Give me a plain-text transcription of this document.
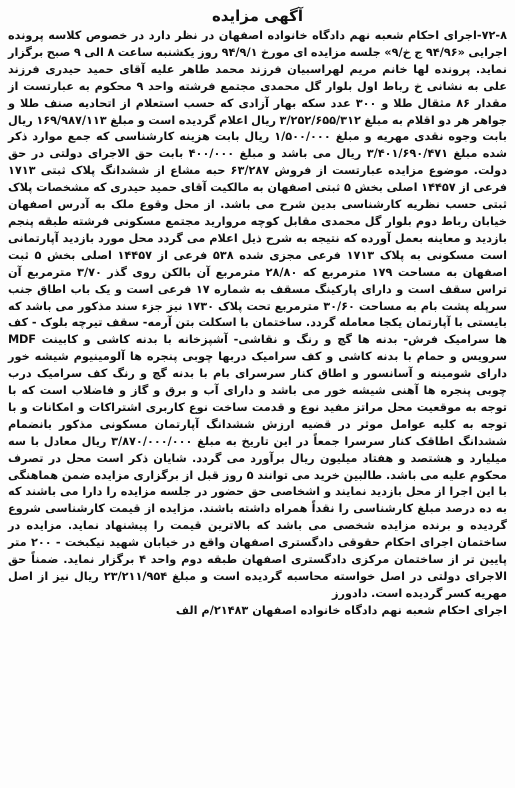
آگهی مزایده

۷۲-۸-اجرای احکام شعبه نهم دادگاه خانواده اصفهان در نظر دارد در خصوص کلاسه پرونده اجرایی «۹۴/۹۶ ج خ/۹» جلسه مزایده ای مورخ ۹۴/۹/۱ روز یکشنبه ساعت ۸ الی ۹ صبح برگزار نماید. پرونده لها خانم مریم لهراسبیان فرزند محمد طاهر علیه آقای حمید حیدری فرزند علی به نشانی خ رباط اول بلوار گل محمدی مجتمع فرشته واحد ۹ محکوم به عبارتست از مقدار ۸۶ مثقال طلا و ۳۰۰ عدد سکه بهار آزادی که حسب استعلام از اتحادیه صنف طلا و جواهر هر دو اقلام به مبلغ ۳/۲۵۲/۶۵۵/۳۱۲ ریال اعلام گردیده است و مبلغ ۱۶۹/۹۸۷/۱۱۳ ریال بابت وجوه نقدی مهریه و مبلغ ۱/۵۰۰/۰۰۰ ریال بابت هزینه کارشناسی که جمع موارد ذکر شده مبلغ ۳/۴۰۱/۶۹۰/۴۷۱ ریال می باشد و مبلغ ۴۰۰/۰۰۰ بابت حق الاجرای دولتی در حق دولت. موضوع مزایده عبارتست از فروش ۶۳/۲۸۷ حبه مشاع از ششدانگ پلاک ثبتی ۱۷۱۳ فرعی از ۱۴۴۵۷ اصلی بخش ۵ ثبتی اصفهان به مالکیت آقای حمید حیدری که مشخصات پلاک ثبتی حسب نظریه کارشناسی بدین شرح می باشد. از محل وقوع ملک به آدرس اصفهان خیابان رباط دوم بلوار گل محمدی مقابل کوچه مروارید مجتمع مسکونی فرشته طبقه پنجم بازدید و معاینه بعمل آورده که نتیجه به شرح ذیل اعلام می گردد محل مورد بازدید آپارتمانی است مسکونی به پلاک ۱۷۱۳ فرعی مجزی شده ۵۳۸ فرعی از ۱۴۴۵۷ اصلی بخش ۵ ثبت اصفهان به مساحت ۱۷۹ مترمربع که ۲۸/۸۰ مترمربع آن بالکن روی گذر ۳/۷۰ مترمربع آن تراس سقف است و دارای پارکینگ مسقف به شماره ۱۷ فرعی است و یک باب اطاق جنب سرپله پشت بام به مساحت ۳۰/۶۰ مترمربع تحت پلاک ۱۷۳۰ نیز جزء سند مذکور می باشد که بایستی با آپارتمان یکجا معامله گردد. ساختمان با اسکلت بتن آرمه- سقف تیرچه بلوک - کف ها سرامیک فرش- بدنه ها گچ و رنگ و نقاشی- آشپزخانه با بدنه کاشی و کابینت MDF سرویس و حمام با بدنه کاشی و کف سرامیک دربها چوبی پنجره ها آلومینیوم شیشه خور دارای شومینه و آسانسور و اطاق کنار سرسرای بام با بدنه گچ و رنگ کف سرامیک درب چوبی پنجره ها آهنی شیشه خور می باشد و دارای آب و برق و گاز و فاضلاب است که با توجه به موقعیت محل مراتز مفید نوع و قدمت ساخت نوع کاربری اشتراکات و امکانات و با توجه به کلیه عوامل موثر در قضیه ارزش ششدانگ آپارتمان مسکونی مذکور بانضمام ششدانگ اطاقک کنار سرسرا جمعاً در این تاریخ به مبلغ ۳/۸۷۰/۰۰۰/۰۰۰ ریال معادل با سه میلیارد و هشتصد و هفتاد میلیون ریال برآورد می گردد. شایان ذکر است محل در تصرف محکوم علیه می باشد. طالبین خرید می توانند ۵ روز قبل از برگزاری مزایده ضمن هماهنگی با این اجرا از محل بازدید نمایند و اشخاصی حق حضور در جلسه مزایده را دارا می باشند که به ده درصد مبلغ کارشناسی را نقداً همراه داشته باشند. مزایده از قیمت کارشناسی شروع گردیده و برنده مزایده شخصی می باشد که بالاترین قیمت را پیشنهاد نماید. مزایده در ساختمان اجرای احکام حقوقی دادگستری اصفهان واقع در خیابان شهید نیکبخت - ۲۰۰ متر پایین تر از ساختمان مرکزی دادگستری اصفهان طبقه دوم واحد ۴ برگزار نماید. ضمناً حق الاجرای دولتی در اصل خواسته محاسبه گردیده است و مبلغ ۲۳/۲۱۱/۹۵۴ ریال نیز از اصل مهریه کسر گردیده است. دادورز

اجرای احکام شعبه نهم دادگاه خانواده اصفهان ۲۱۴۸۳/م الف
